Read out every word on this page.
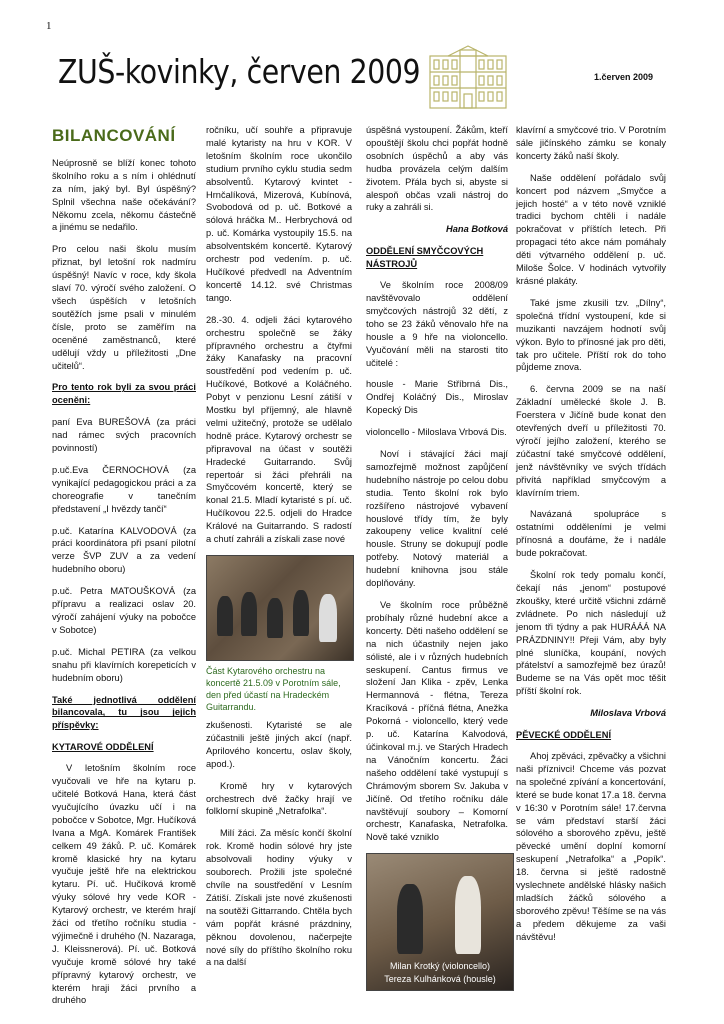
1
ZUŠ-kovinky, červen 2009	1.červen 2009
BILANCOVÁNÍ

Neúprosně se blíží konec tohoto školního roku a s ním i ohlédnutí za ním, jaký byl. Byl úspěšný? Splnil všechna naše očekávání? Někomu zcela, někomu částečně a jinému se nedařilo.

Pro celou naši školu musím přiznat, byl letošní rok nadmíru úspěšný! Navíc v roce, kdy škola slaví 70. výročí svého založení. O všech úspěších v letošních soutěžích jsme psali v minulém čísle, proto se zaměřím na oceněné zaměstnanců, které udělují vždy u příležitosti „Dne učitelů“.

Pro tento rok byli za svou práci oceněni:

paní Eva BUREŠOVÁ (za práci nad rámec svých pracovních povinností)

p.uč.Eva ČERNOCHOVÁ (za vynikající pedagogickou práci a za choreografie v tanečním představení „I hvězdy tančí“

p.uč. Katarína KALVODOVÁ (za práci koordinátora při psaní pilotní verze ŠVP ZUV a za vedení hudebního oboru)

p.uč. Petra MATOUŠKOVÁ (za přípravu a realizaci oslav 20. výročí zahájení výuky na pobočce v Sobotce)

p.uč. Michal PETIRA (za velkou snahu při klavírních korepeticích v hudebním oboru)

Také jednotlivá oddělení bilancovala, tu jsou jejich příspěvky:

KYTAROVÉ ODDĚLENÍ

V letošním školním roce vyučovali ve hře na kytaru p. učitelé Botková Hana, která část vyučujícího úvazku učí i na pobočce v Sobotce, Mgr. Hučíková Ivana a MgA. Komárek František celkem 49 žáků. P. uč. Komárek kromě klasické hry na kytaru vyučuje ještě hře na elektrickou kytaru. Pí. uč. Hučíková kromě výuky sólové hry vede KOR - Kytarový orchestr, ve kterém hrají žáci od třetího ročníku studia - výjimečně i druhého (N. Nazaraga, J. Kleissnerová). Pí. uč. Botková vyučuje kromě sólové hry také přípravný kytarový orchestr, ve kterém hraji žáci prvního a druhého

ročníku, učí souhře a připravuje malé kytaristy na hru v KOR. V letošním školním roce ukončilo studium prvního cyklu studia sedm absolventů. Kytarový kvintet - Hrnčalíková, Mizerová, Kubínová, Svobodová od p. uč. Botkové a sólová hráčka M.. Herbrychová od p. uč. Komárka vystoupily 15.5. na absolventském koncertě. Kytarový orchestr pod vedením. p. uč. Hučíkové předvedl na Adventním koncertě 14.12. své Christmas tango.

28.-30. 4. odjeli žáci kytarového orchestru společně se žáky přípravného orchestru a čtyřmi žáky Kanafasky na pracovní soustředění pod vedením p. uč. Hučíkové, Botkové a Koláčného. Pobyt v penzionu Lesní zátiší v Mostku byl příjemný, ale hlavně velmi užitečný, protože se udělalo hodně práce. Kytarový orchestr se připravoval na účast v soutěži Hradecké Guitarrando. Svůj repertoár si žáci přehráli na Smyčcovém koncertě, který se konal 21.5. Mladí kytaristé s pí. uč. Hučíkovou 22.5. odjeli do Hradce Králové na Guitarrando. S radostí a chutí zahráli a získali zase nové

Část Kytarového orchestru na koncertě 21.5.09 v Porotním sále, den před účastí na Hradeckém Guitarrandu.

zkušenosti. Kytaristé se ale zúčastnili ještě jiných akcí (např. Aprilového koncertu, oslav školy, apod.).

Kromě hry v kytarových orchestrech dvě žačky hrají ve folklorní skupině „Netrafolka“.

Milí žáci. Za měsíc končí školní rok. Kromě hodin sólové hry jste absolvovali hodiny výuky v souborech. Prožili jste společné chvíle na soustředění v Lesním Zátiší. Získali jste nové zkušenosti na soutěži Gittarrando. Chtěla bych vám popřát krásné prázdniny, pěknou dovolenou, načerpejte nové síly do příštího školního roku a na další

úspěšná vystoupení. Žákům, kteří opouštějí školu chci popřát hodně osobních úspěchů a aby vás hudba provázela celým dalším životem. Přála bych si, abyste si alespoň občas vzali nástroj do ruky a zahráli si.

Hana Botková

ODDĚLENÍ SMYČCOVÝCH NÁSTROJŮ

Ve školním roce 2008/09 navštěvovalo oddělení smyčcových nástrojů 32 dětí, z toho se 23 žáků věnovalo hře na housle a 9 hře na violoncello. Vyučování měli na starosti tito učitelé :

housle - Marie Stříbrná Dis., Ondřej Koláčný Dis., Miroslav Kopecký Dis

violoncello - Miloslava Vrbová Dis.

Noví i stávající žáci mají samozřejmě možnost zapůjčení hudebního nástroje po celou dobu studia. Tento školní rok bylo rozšířeno nástrojové vybavení houslové třídy tím, že byly zakoupeny velice kvalitní celé housle. Struny se dokupují podle potřeby. Notový materiál a hudební knihovna jsou stále doplňovány.

Ve školním roce průběžně probíhaly různé hudební akce a koncerty. Děti našeho oddělení se na nich účastnily nejen jako sólisté, ale i v různých hudebních seskupení. Cantus firmus ve složení Jan Klika - zpěv, Lenka Hermannová - flétna, Tereza Kracíková - příčná flétna, Anežka Pokorná - violoncello, který vede p. uč. Katarína Kalvodová, účinkoval m.j. ve Starých Hradech na Vánočním koncertu. Žáci našeho oddělení také vystupují s Chrámovým sborem Sv. Jakuba v Jičíně. Od třetího ročníku dále navštěvují soubory – Komorní orchestr, Kanafaska, Netrafolka. Nově také vzniklo

Milan Krotký (violoncello)
Tereza Kulhánková (housle)

klavírní a smyčcové trio. V Porotním sále jičínského zámku se konaly koncerty žáků naší školy.

Naše oddělení pořádalo svůj koncert pod názvem „Smyčce a jejich hosté“ a v této nově vzniklé tradici bychom chtěli i nadále pokračovat v příštích letech. Při propagaci této akce nám pomáhaly děti výtvarného oddělení p. uč. Miloše Šolce. V hodinách vytvořily krásné plakáty.

Také jsme zkusili tzv. „Dílny“, společná třídní vystoupení, kde si muzikanti navzájem hodnotí svůj výkon. Bylo to přínosné jak pro děti, tak pro učitele. Příští rok do toho půjdeme znova.

6. června 2009 se na naší Základní umělecké škole J. B. Foerstera v Jičíně bude konat den otevřených dveří u příležitosti 70. výročí jejího založení, kterého se zúčastní také smyčcové oddělení, jenž návštěvníky ve svých třídách přivítá například smyčcovým a klavírním triem.

Navázaná spolupráce s ostatními odděleními je velmi přínosná a doufáme, že i nadále bude pokračovat.

Školní rok tedy pomalu končí, čekají nás „jenom“ postupové zkoušky, které určitě všichni zdárně zvládnete. Po nich následují už jenom tři týdny a pak HURÁÁÁ NA PRÁZDNINY!! Přeji Vám, aby byly plné sluníčka, koupání, nových přátelství a samozřejmě bez úrazů! Budeme se na Vás opět moc těšit příští školní rok.

Miloslava Vrbová

PĚVECKÉ ODDĚLENÍ

Ahoj zpěváci, zpěvačky a všichni naši příznivci! Chceme vás pozvat na společné zpívání a koncertování, které se bude konat 17.a 18. června v 16:30 v Porotním sále! 17.června se vám představí starší žáci sólového a sborového zpěvu, ještě pěvecké umění doplní komorní seskupení „Netrafolka“ a „Popík“. 18. června si ještě radostně vyslechnete andělské hlásky našich mladších žáčků sólového a sborového zpěvu! Těšíme se na vás a předem děkujeme za vaši návštěvu!
